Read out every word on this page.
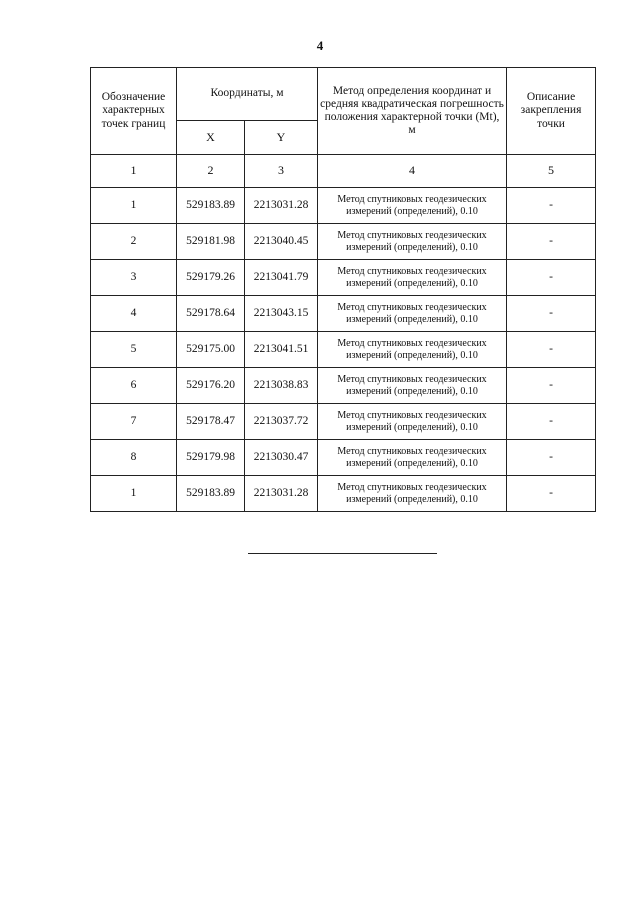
4
Обозначение характерных точек границ	Координаты, м		Метод определения координат и средняя квадратическая погрешность положения характерной точки (Mt), м	Описание закрепления точки
	X	Y		
1	2	3	4	5
1	529183.89	2213031.28	Метод спутниковых геодезических измерений (определений), 0.10	-
2	529181.98	2213040.45	Метод спутниковых геодезических измерений (определений), 0.10	-
3	529179.26	2213041.79	Метод спутниковых геодезических измерений (определений), 0.10	-
4	529178.64	2213043.15	Метод спутниковых геодезических измерений (определений), 0.10	-
5	529175.00	2213041.51	Метод спутниковых геодезических измерений (определений), 0.10	-
6	529176.20	2213038.83	Метод спутниковых геодезических измерений (определений), 0.10	-
7	529178.47	2213037.72	Метод спутниковых геодезических измерений (определений), 0.10	-
8	529179.98	2213030.47	Метод спутниковых геодезических измерений (определений), 0.10	-
1	529183.89	2213031.28	Метод спутниковых геодезических измерений (определений), 0.10	-
